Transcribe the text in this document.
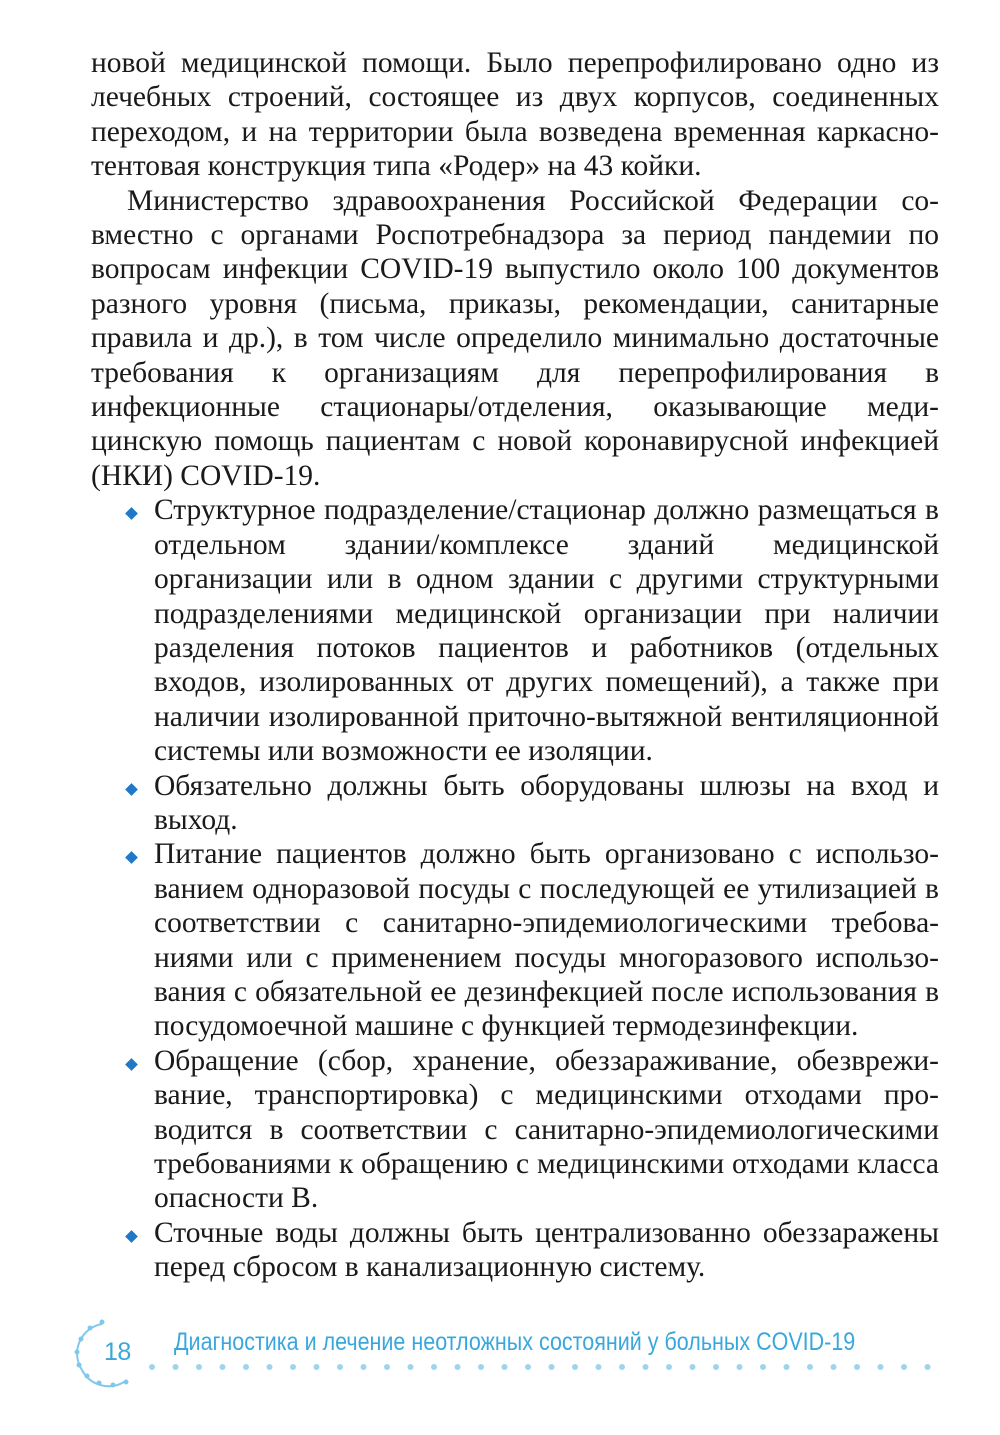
новой медицинской помощи. Было перепрофилировано одно из лечебных строений, состоящее из двух корпусов, соединенных переходом, и на территории была возведена временная каркасно-тентовая конструкция типа «Родер» на 43 койки.

Министерство здравоохранения Российской Федерации совместно с органами Роспотребнадзора за период пандемии по вопросам инфекции COVID-19 выпустило около 100 документов разного уровня (письма, приказы, рекомендации, санитарные правила и др.), в том числе определило минимально достаточные требования к организациям для перепрофилирования в инфекционные стационары/отделения, оказывающие медицинскую помощь пациентам с новой коронавирусной инфекцией (НКИ) COVID-19.

Структурное подразделение/стационар должно размещаться в отдельном здании/комплексе зданий медицинской организации или в одном здании с другими структурными подразделениями медицинской организации при наличии разделения потоков пациентов и работников (отдельных входов, изолированных от других помещений), а также при наличии изолированной приточно-вытяжной вентиляционной системы или возможности ее изоляции.
Обязательно должны быть оборудованы шлюзы на вход и выход.
Питание пациентов должно быть организовано с использованием одноразовой посуды с последующей ее утилизацией в соответствии с санитарно-эпидемиологическими требованиями или с применением посуды многоразового использования с обязательной ее дезинфекцией после использования в посудомоечной машине с функцией термодезинфекции.
Обращение (сбор, хранение, обеззараживание, обезвреживание, транспортировка) с медицинскими отходами проводится в соответствии с санитарно-эпидемиологическими требованиями к обращению с медицинскими отходами класса опасности В.
Сточные воды должны быть централизованно обеззаражены перед сбросом в канализационную систему.
18 Диагностика и лечение неотложных состояний у больных COVID-19
